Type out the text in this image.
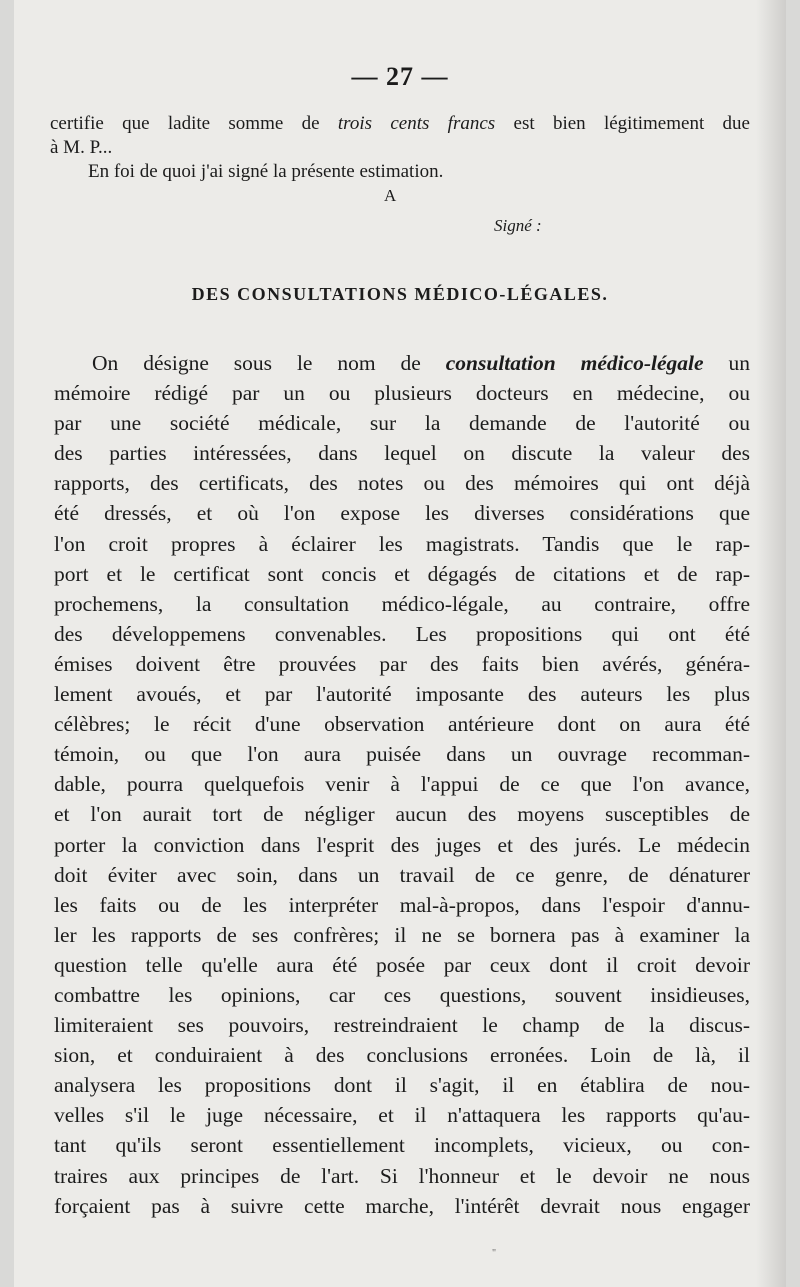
— 27 —

certifie que ladite somme de trois cents francs est bien légitimement due

à M. P...

En foi de quoi j'ai signé la présente estimation.

A
Signé :
DES CONSULTATIONS MÉDICO-LÉGALES.
On désigne sous le nom de consultation médico-légale un
mémoire rédigé par un ou plusieurs docteurs en médecine, ou
par une société médicale, sur la demande de l'autorité ou
des parties intéressées, dans lequel on discute la valeur des
rapports, des certificats, des notes ou des mémoires qui ont déjà
été dressés, et où l'on expose les diverses considérations que
l'on croit propres à éclairer les magistrats. Tandis que le rap-
port et le certificat sont concis et dégagés de citations et de rap-
prochemens, la consultation médico-légale, au contraire, offre
des développemens convenables. Les propositions qui ont été
émises doivent être prouvées par des faits bien avérés, généra-
lement avoués, et par l'autorité imposante des auteurs les plus
célèbres; le récit d'une observation antérieure dont on aura été
témoin, ou que l'on aura puisée dans un ouvrage recomman-
dable, pourra quelquefois venir à l'appui de ce que l'on avance,
et l'on aurait tort de négliger aucun des moyens susceptibles de
porter la conviction dans l'esprit des juges et des jurés. Le médecin
doit éviter avec soin, dans un travail de ce genre, de dénaturer
les faits ou de les interpréter mal-à-propos, dans l'espoir d'annu-
ler les rapports de ses confrères; il ne se bornera pas à examiner la
question telle qu'elle aura été posée par ceux dont il croit devoir
combattre les opinions, car ces questions, souvent insidieuses,
limiteraient ses pouvoirs, restreindraient le champ de la discus-
sion, et conduiraient à des conclusions erronées. Loin de là, il
analysera les propositions dont il s'agit, il en établira de nou-
velles s'il le juge nécessaire, et il n'attaquera les rapports qu'au-
tant qu'ils seront essentiellement incomplets, vicieux, ou con-
traires aux principes de l'art. Si l'honneur et le devoir ne nous
forçaient pas à suivre cette marche, l'intérêt devrait nous engager
"
